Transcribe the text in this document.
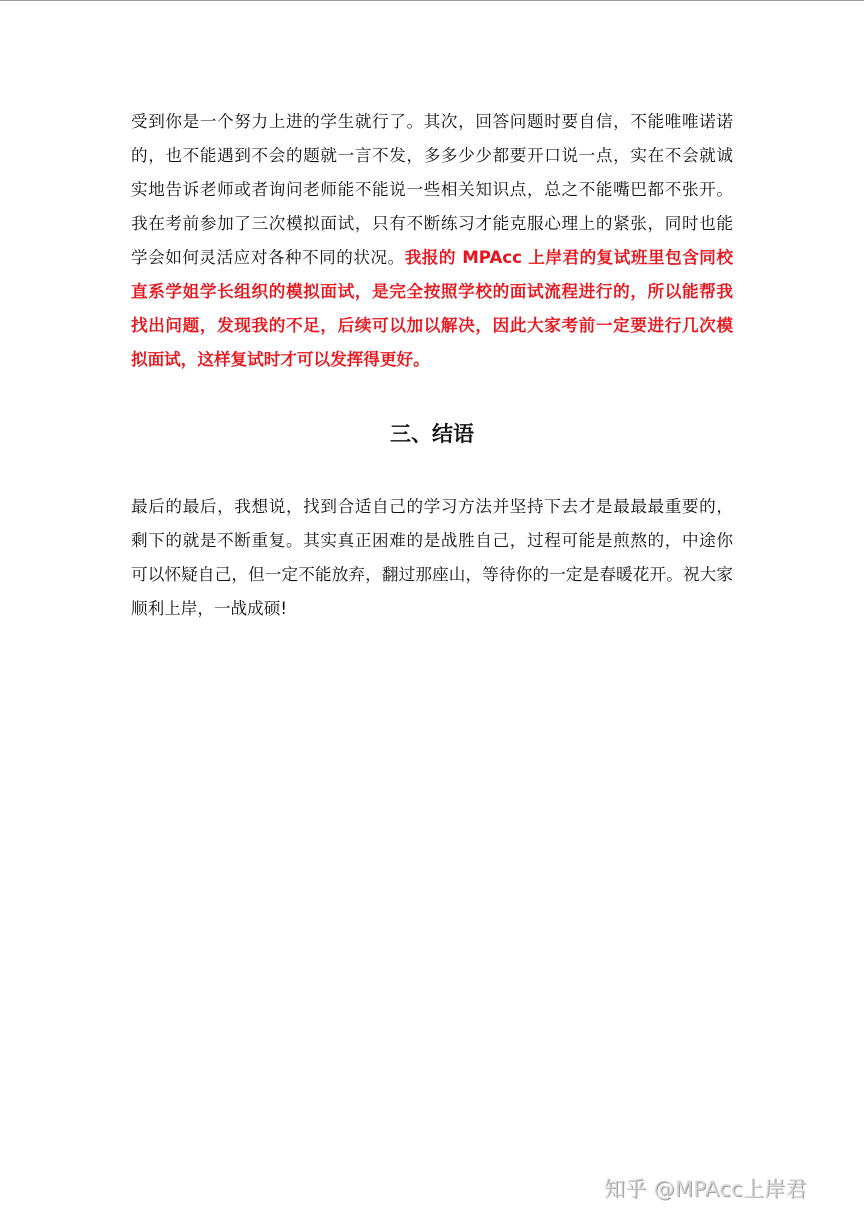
受到你是一个努力上进的学生就行了。其次，回答问题时要自信，不能唯唯诺诺
的，也不能遇到不会的题就一言不发，多多少少都要开口说一点，实在不会就诚
实地告诉老师或者询问老师能不能说一些相关知识点，总之不能嘴巴都不张开。
我在考前参加了三次模拟面试，只有不断练习才能克服心理上的紧张，同时也能
学会如何灵活应对各种不同的状况。我报的 MPAcc 上岸君的复试班里包含同校
直系学姐学长组织的模拟面试，是完全按照学校的面试流程进行的，所以能帮我
找出问题，发现我的不足，后续可以加以解决，因此大家考前一定要进行几次模
拟面试，这样复试时才可以发挥得更好。
三、结语
最后的最后，我想说，找到合适自己的学习方法并坚持下去才是最最最重要的，
剩下的就是不断重复。其实真正困难的是战胜自己，过程可能是煎熬的，中途你
可以怀疑自己，但一定不能放弃，翻过那座山，等待你的一定是春暖花开。祝大家
顺利上岸，一战成硕!
知乎 @MPAcc上岸君
